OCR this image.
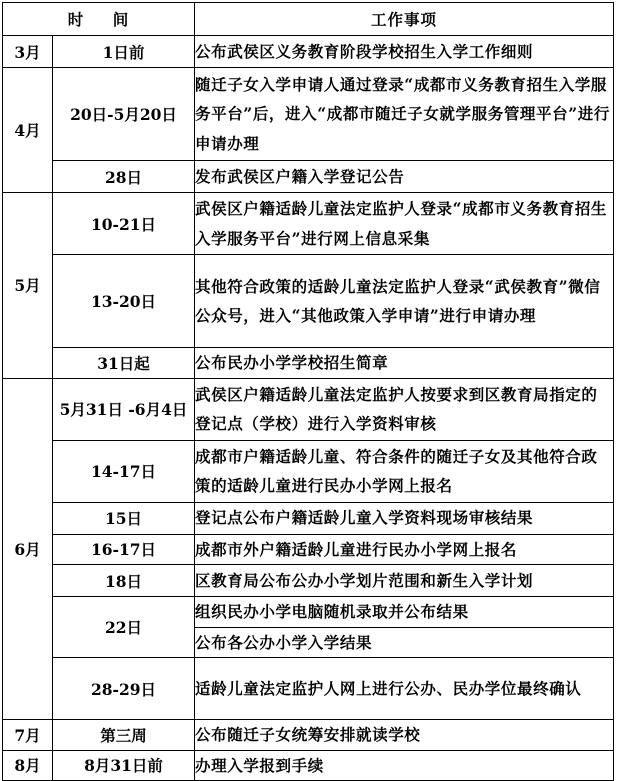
时 间		工作事项
3月	1日前	公布武侯区义务教育阶段学校招生入学工作细则
4月	20日-5月20日	随迁子女入学申请人通过登录“成都市义务教育招生入学服务平台”后，进入“成都市随迁子女就学服务管理平台”进行申请办理
	28日	发布武侯区户籍入学登记公告
5月	10-21日	武侯区户籍适龄儿童法定监护人登录“成都市义务教育招生入学服务平台”进行网上信息采集
	13-20日	其他符合政策的适龄儿童法定监护人登录“武侯教育”微信公众号，进入“其他政策入学申请”进行申请办理
	31日起	公布民办小学学校招生简章
6月	5月31日 -6月4日	武侯区户籍适龄儿童法定监护人按要求到区教育局指定的登记点（学校）进行入学资料审核
	14-17日	成都市户籍适龄儿童、符合条件的随迁子女及其他符合政策的适龄儿童进行民办小学网上报名
	15日	登记点公布户籍适龄儿童入学资料现场审核结果
	16-17日	成都市外户籍适龄儿童进行民办小学网上报名
	18日	区教育局公布公办小学划片范围和新生入学计划
	22日	组织民办小学电脑随机录取并公布结果
		公布各公办小学入学结果
	28-29日	适龄儿童法定监护人网上进行公办、民办学位最终确认
7月	第三周	公布随迁子女统筹安排就读学校
8月	8月31日前	办理入学报到手续
